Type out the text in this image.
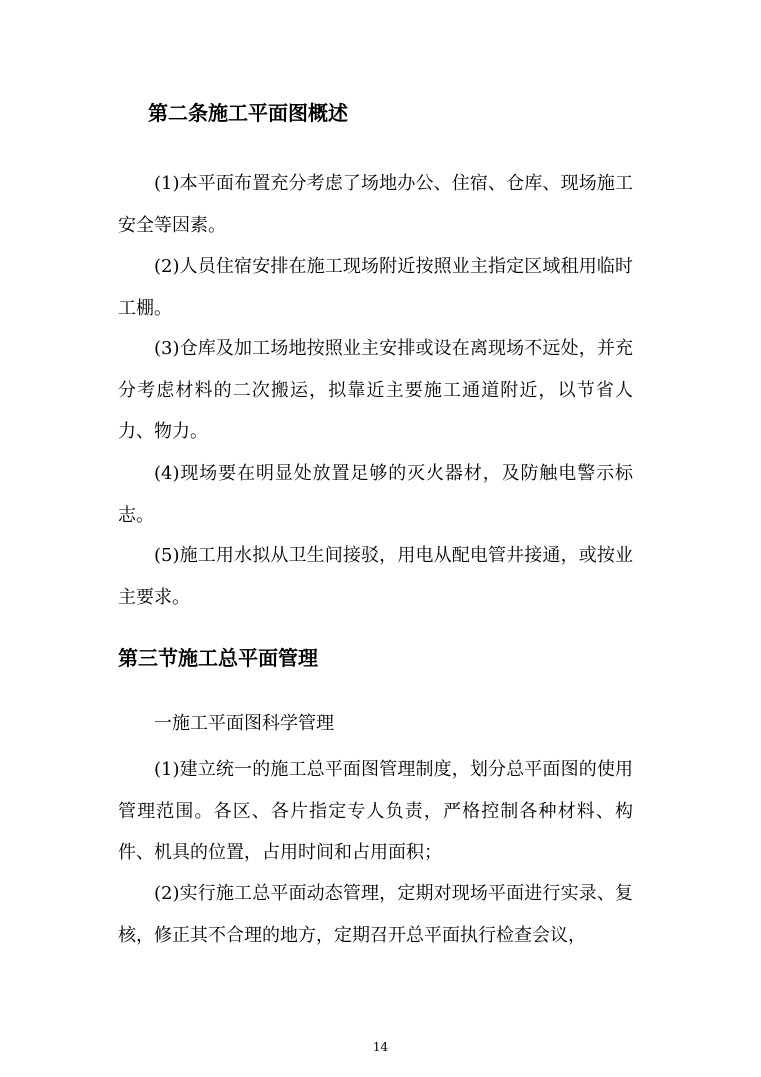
第二条施工平面图概述

(1)本平面布置充分考虑了场地办公、住宿、仓库、现场施工安全等因素。

(2)人员住宿安排在施工现场附近按照业主指定区域租用临时工棚。

(3)仓库及加工场地按照业主安排或设在离现场不远处，并充分考虑材料的二次搬运，拟靠近主要施工通道附近，以节省人力、物力。

(4)现场要在明显处放置足够的灭火器材，及防触电警示标志。

(5)施工用水拟从卫生间接驳，用电从配电管井接通，或按业主要求。

第三节施工总平面管理
一施工平面图科学管理

(1)建立统一的施工总平面图管理制度，划分总平面图的使用管理范围。各区、各片指定专人负责，严格控制各种材料、构件、机具的位置，占用时间和占用面积；

(2)实行施工总平面动态管理，定期对现场平面进行实录、复核，修正其不合理的地方，定期召开总平面执行检查会议，

14
